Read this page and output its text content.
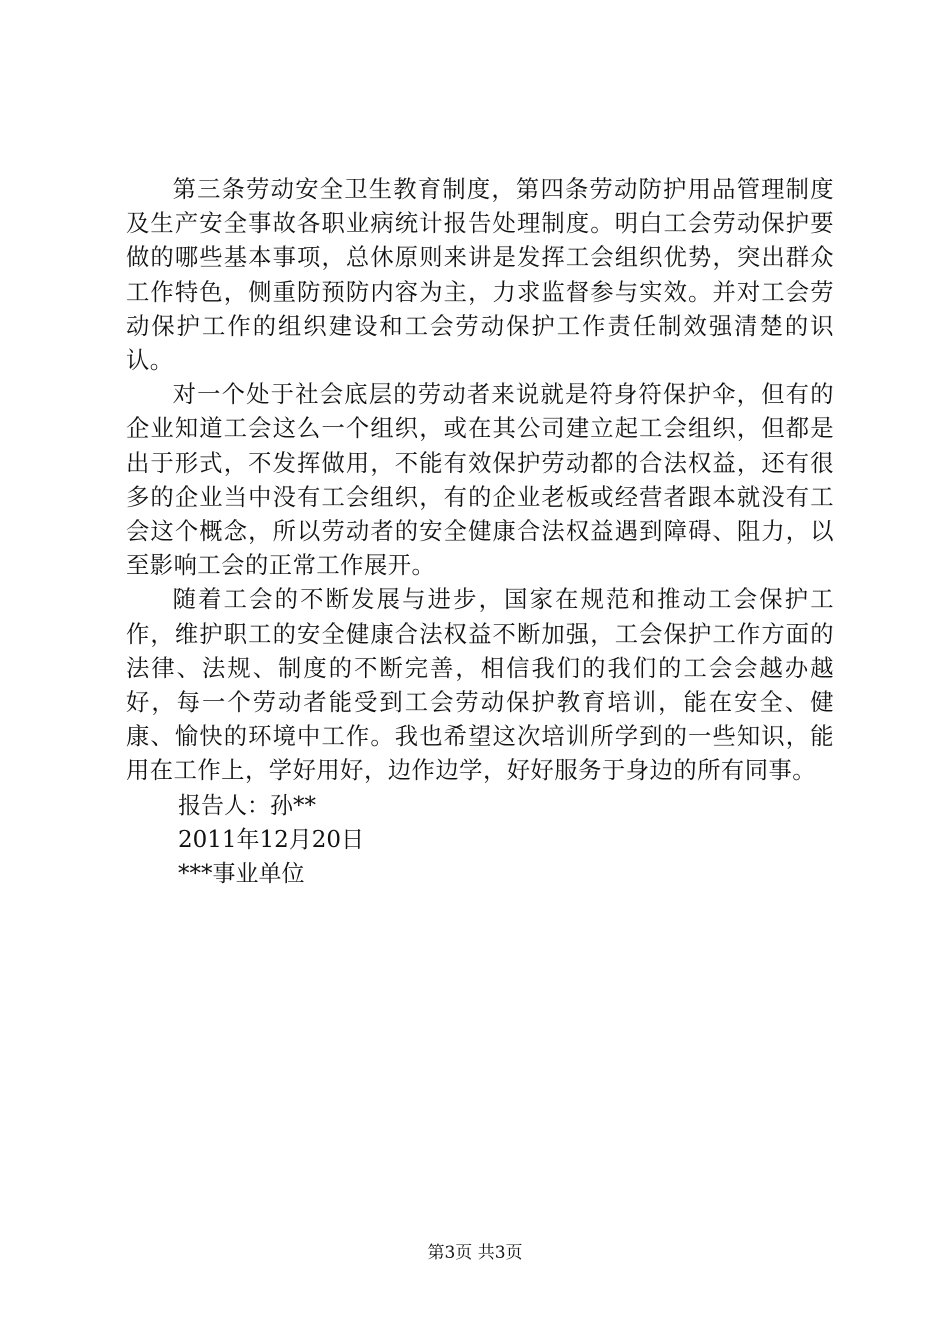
第三条劳动安全卫生教育制度，第四条劳动防护用品管理制度及生产安全事故各职业病统计报告处理制度。明白工会劳动保护要做的哪些基本事项，总休原则来讲是发挥工会组织优势，突出群众工作特色，侧重防预防内容为主，力求监督参与实效。并对工会劳动保护工作的组织建设和工会劳动保护工作责任制效强清楚的识认。

对一个处于社会底层的劳动者来说就是符身符保护伞，但有的企业知道工会这么一个组织，或在其公司建立起工会组织，但都是出于形式，不发挥做用，不能有效保护劳动都的合法权益，还有很多的企业当中没有工会组织，有的企业老板或经营者跟本就没有工会这个概念，所以劳动者的安全健康合法权益遇到障碍、阻力，以至影响工会的正常工作展开。

随着工会的不断发展与进步，国家在规范和推动工会保护工作，维护职工的安全健康合法权益不断加强，工会保护工作方面的法律、法规、制度的不断完善，相信我们的我们的工会会越办越好，每一个劳动者能受到工会劳动保护教育培训，能在安全、健康、愉快的环境中工作。我也希望这次培训所学到的一些知识，能用在工作上，学好用好，边作边学，好好服务于身边的所有同事。

报告人：孙**

2011年12月20日

***事业单位

第3页 共3页
